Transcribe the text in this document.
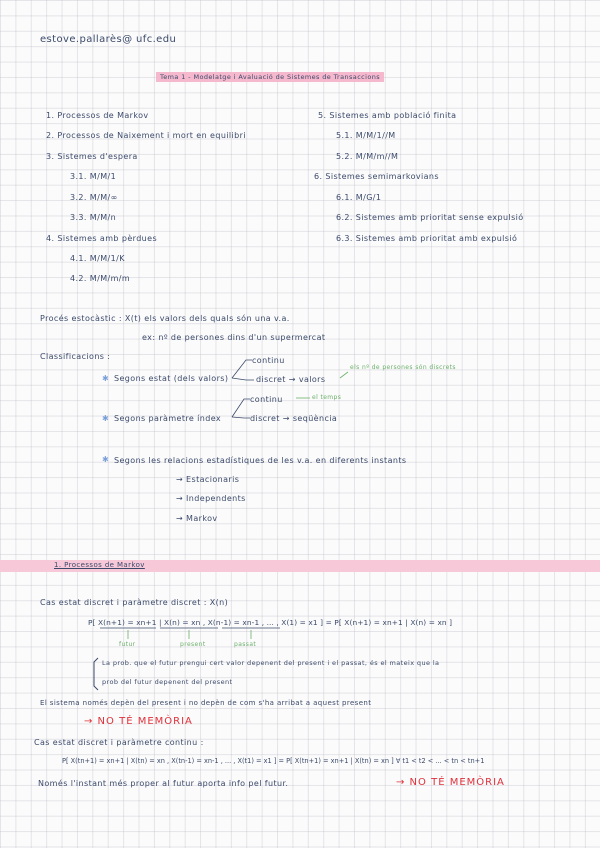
estove.pallarès@ ufc.edu
Tema 1 - Modelatge i Avaluació de Sistemes de Transaccions
1. Processos de Markov
2. Processos de Naixement i mort en equilibri
3. Sistemes d'espera
3.1. M/M/1
3.2. M/M/∞
3.3. M/M/n
4. Sistemes amb pèrdues
4.1. M/M/1/K
4.2. M/M/m/m
5. Sistemes amb població finita
5.1. M/M/1//M
5.2. M/M/m//M
6. Sistemes semimarkovians
6.1. M/G/1
6.2. Sistemes amb prioritat sense expulsió
6.3. Sistemes amb prioritat amb expulsió
Procés estocàstic : X(t) els valors dels quals són una v.a.
ex: nº de persones dins d'un supermercat
Classificacions :
✱ Segons estat (dels valors)
continu
discret → valors
els nº de persones són discrets
✱ Segons paràmetre índex
continu	el temps
discret → seqüència
✱ Segons les relacions estadístiques de les v.a. en diferents instants
→ Estacionaris
→ Independents
→ Markov
1. Processos de Markov
Cas estat discret i paràmetre discret : X(n)
P[ X(n+1) = xn+1 | X(n) = xn , X(n-1) = xn-1 , ... , X(1) = x1 ] = P[ X(n+1) = xn+1 | X(n) = xn ]
futur	present	passat
La prob. que el futur prengui cert valor depenent del present i el passat, és el mateix que la
prob del futur depenent del present
El sistema només depèn del present i no depèn de com s'ha arribat a aquest present
→ NO TÉ MEMÒRIA
Cas estat discret i paràmetre continu :
P[ X(tn+1) = xn+1 | X(tn) = xn , X(tn-1) = xn-1 , ... , X(t1) = x1 ] = P[ X(tn+1) = xn+1 | X(tn) = xn ] ∀ t1 < t2 < ... < tn < tn+1
Només l'instant més proper al futur aporta info pel futur.	→ NO TÉ MEMÒRIA
